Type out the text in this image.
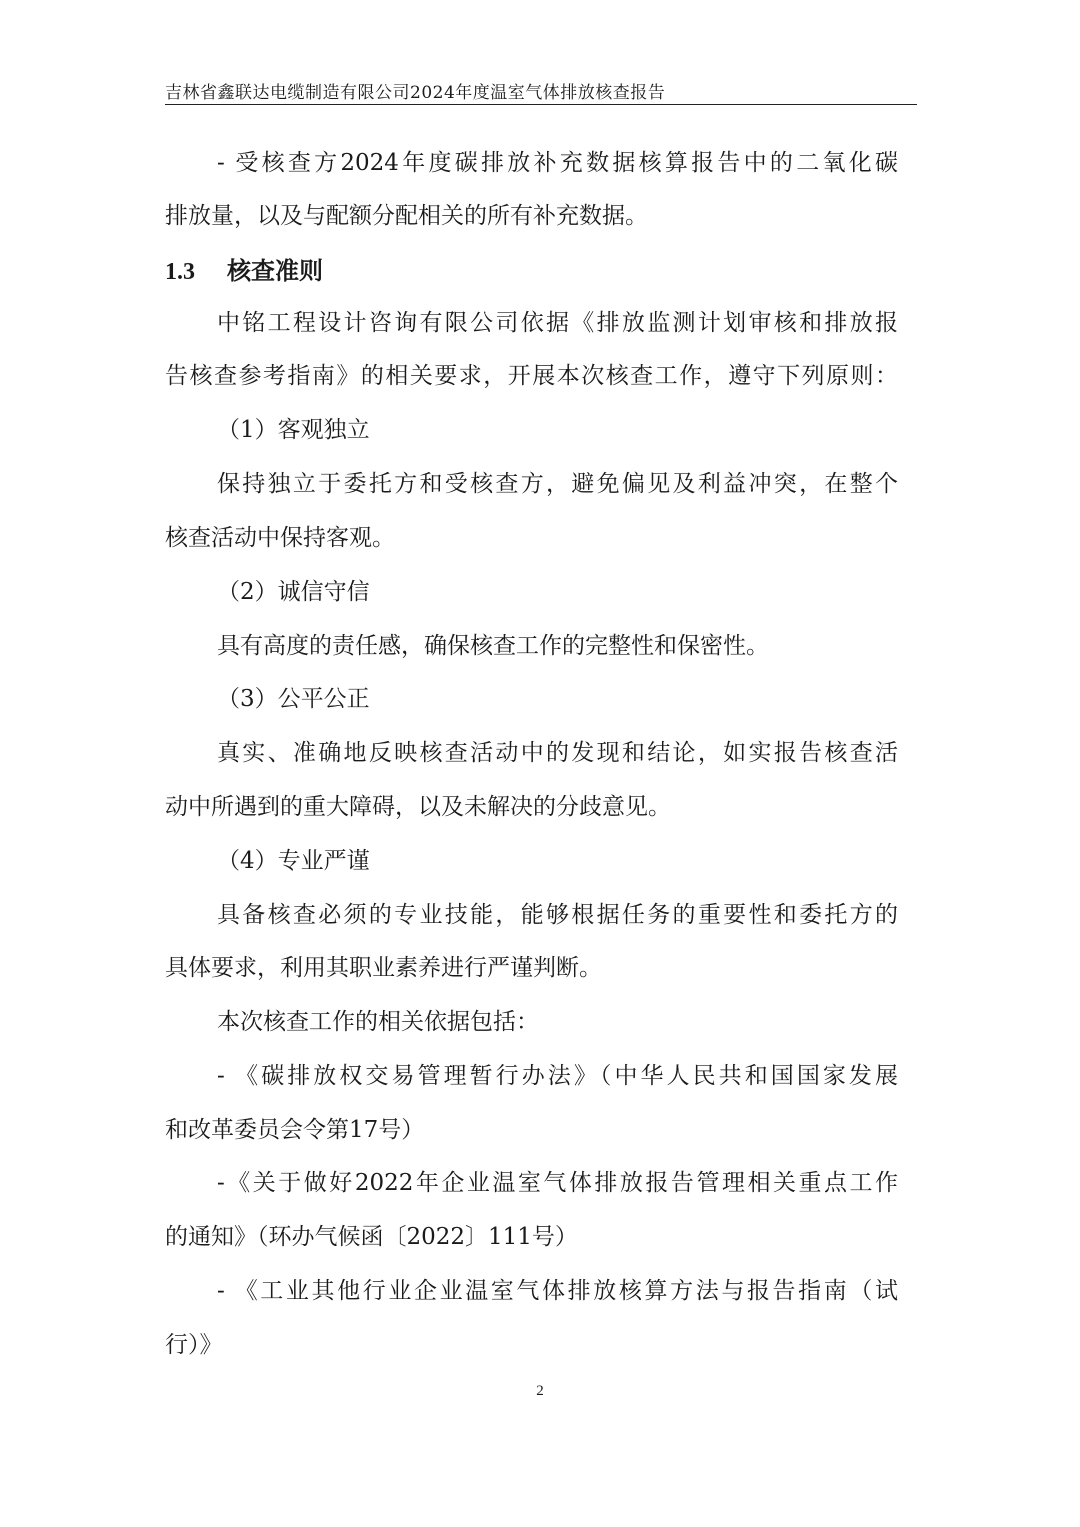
吉林省鑫联达电缆制造有限公司2024年度温室气体排放核查报告
- 受核查方2024年度碳排放补充数据核算报告中的二氧化碳
排放量，以及与配额分配相关的所有补充数据。
1.3 核查准则
中铭工程设计咨询有限公司依据《排放监测计划审核和排放报
告核查参考指南》的相关要求，开展本次核查工作，遵守下列原则：
（1）客观独立
保持独立于委托方和受核查方，避免偏见及利益冲突，在整个
核查活动中保持客观。
（2）诚信守信
具有高度的责任感，确保核查工作的完整性和保密性。
（3）公平公正
真实、准确地反映核查活动中的发现和结论，如实报告核查活
动中所遇到的重大障碍，以及未解决的分歧意见。
（4）专业严谨
具备核查必须的专业技能，能够根据任务的重要性和委托方的
具体要求，利用其职业素养进行严谨判断。
本次核查工作的相关依据包括：
- 《碳排放权交易管理暂行办法》（中华人民共和国国家发展
和改革委员会令第17号）
-《关于做好2022年企业温室气体排放报告管理相关重点工作
的通知》（环办气候函〔2022〕111号）
- 《工业其他行业企业温室气体排放核算方法与报告指南（试
行）》
2
